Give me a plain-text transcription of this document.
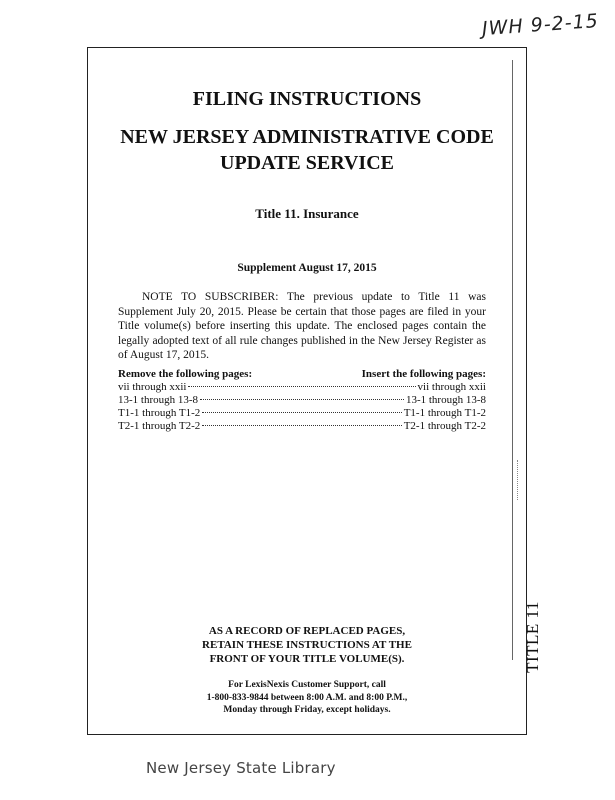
JWH 9-2-15
TITLE 11
FILING INSTRUCTIONS
NEW JERSEY ADMINISTRATIVE CODE
UPDATE SERVICE
Title 11. Insurance
Supplement August 17, 2015
NOTE TO SUBSCRIBER: The previous update to Title 11 was Supplement July 20, 2015. Please be certain that those pages are filed in your Title volume(s) before inserting this update. The enclosed pages contain the legally adopted text of all rule changes published in the New Jersey Register as of August 17, 2015.
Remove the following pages:	Insert the following pages:
vii through xxii	vii through xxii
13-1 through 13-8	13-1 through 13-8
T1-1 through T1-2	T1-1 through T1-2
T2-1 through T2-2	T2-1 through T2-2
AS A RECORD OF REPLACED PAGES,
RETAIN THESE INSTRUCTIONS AT THE
FRONT OF YOUR TITLE VOLUME(S).
For LexisNexis Customer Support, call
1-800-833-9844 between 8:00 A.M. and 8:00 P.M.,
Monday through Friday, except holidays.
New Jersey State Library
